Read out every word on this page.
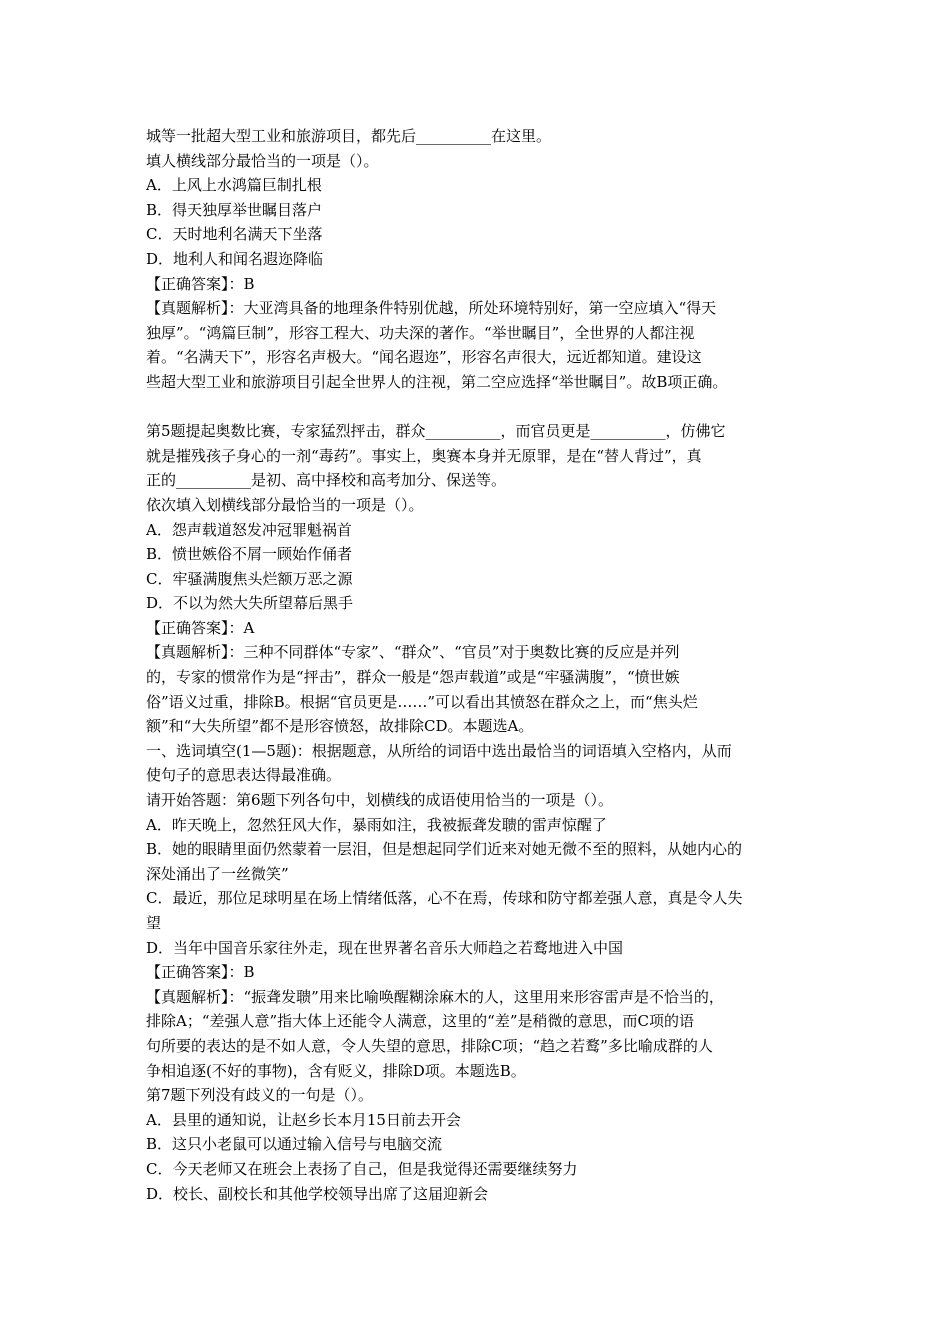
城等一批超大型工业和旅游项目，都先后__________在这里。
填人横线部分最恰当的一项是（）。
A．上风上水鸿篇巨制扎根
B．得天独厚举世瞩目落户
C．天时地利名满天下坐落
D．地利人和闻名遐迩降临
【正确答案】：B
【真题解析】：大亚湾具备的地理条件特别优越，所处环境特别好，第一空应填入“得天
独厚”。“鸿篇巨制”，形容工程大、功夫深的著作。“举世瞩目”，全世界的人都注视
着。“名满天下”，形容名声极大。“闻名遐迩”，形容名声很大，远近都知道。建设这
些超大型工业和旅游项目引起全世界人的注视，第二空应选择“举世瞩目”。故B项正确。
第5题提起奥数比赛，专家猛烈抨击，群众__________，而官员更是__________，仿佛它
就是摧残孩子身心的一剂“毒药”。事实上，奥赛本身并无原罪，是在“替人背过”，真
正的__________是初、高中择校和高考加分、保送等。
依次填入划横线部分最恰当的一项是（）。
A．怨声载道怒发冲冠罪魁祸首
B．愤世嫉俗不屑一顾始作俑者
C．牢骚满腹焦头烂额万恶之源
D．不以为然大失所望幕后黑手
【正确答案】：A
【真题解析】：三种不同群体“专家”、“群众”、“官员”对于奥数比赛的反应是并列
的，专家的惯常作为是“抨击”，群众一般是“怨声载道”或是“牢骚满腹”，“愤世嫉
俗”语义过重，排除B。根据“官员更是……”可以看出其愤怒在群众之上，而“焦头烂
额”和“大失所望”都不是形容愤怒，故排除CD。本题选A。
一、选词填空(1—5题)：根据题意，从所给的词语中选出最恰当的词语填入空格内，从而
使句子的意思表达得最准确。
请开始答题：第6题下列各句中，划横线的成语使用恰当的一项是（）。
A．昨天晚上，忽然狂风大作，暴雨如注，我被振聋发聩的雷声惊醒了
B．她的眼睛里面仍然蒙着一层泪，但是想起同学们近来对她无微不至的照料，从她内心的
深处涌出了一丝微笑”
C．最近，那位足球明星在场上情绪低落，心不在焉，传球和防守都差强人意，真是令人失
望
D．当年中国音乐家往外走，现在世界著名音乐大师趋之若鹜地进入中国
【正确答案】：B
【真题解析】：“振聋发聩”用来比喻唤醒糊涂麻木的人，这里用来形容雷声是不恰当的，
排除A；“差强人意”指大体上还能令人满意，这里的“差”是稍微的意思，而C项的语
句所要的表达的是不如人意，令人失望的意思，排除C项；“趋之若鹜”多比喻成群的人
争相追逐(不好的事物)，含有贬义，排除D项。本题选B。
第7题下列没有歧义的一句是（）。
A．县里的通知说，让赵乡长本月15日前去开会
B．这只小老鼠可以通过输入信号与电脑交流
C．今天老师又在班会上表扬了自己，但是我觉得还需要继续努力
D．校长、副校长和其他学校领导出席了这届迎新会
